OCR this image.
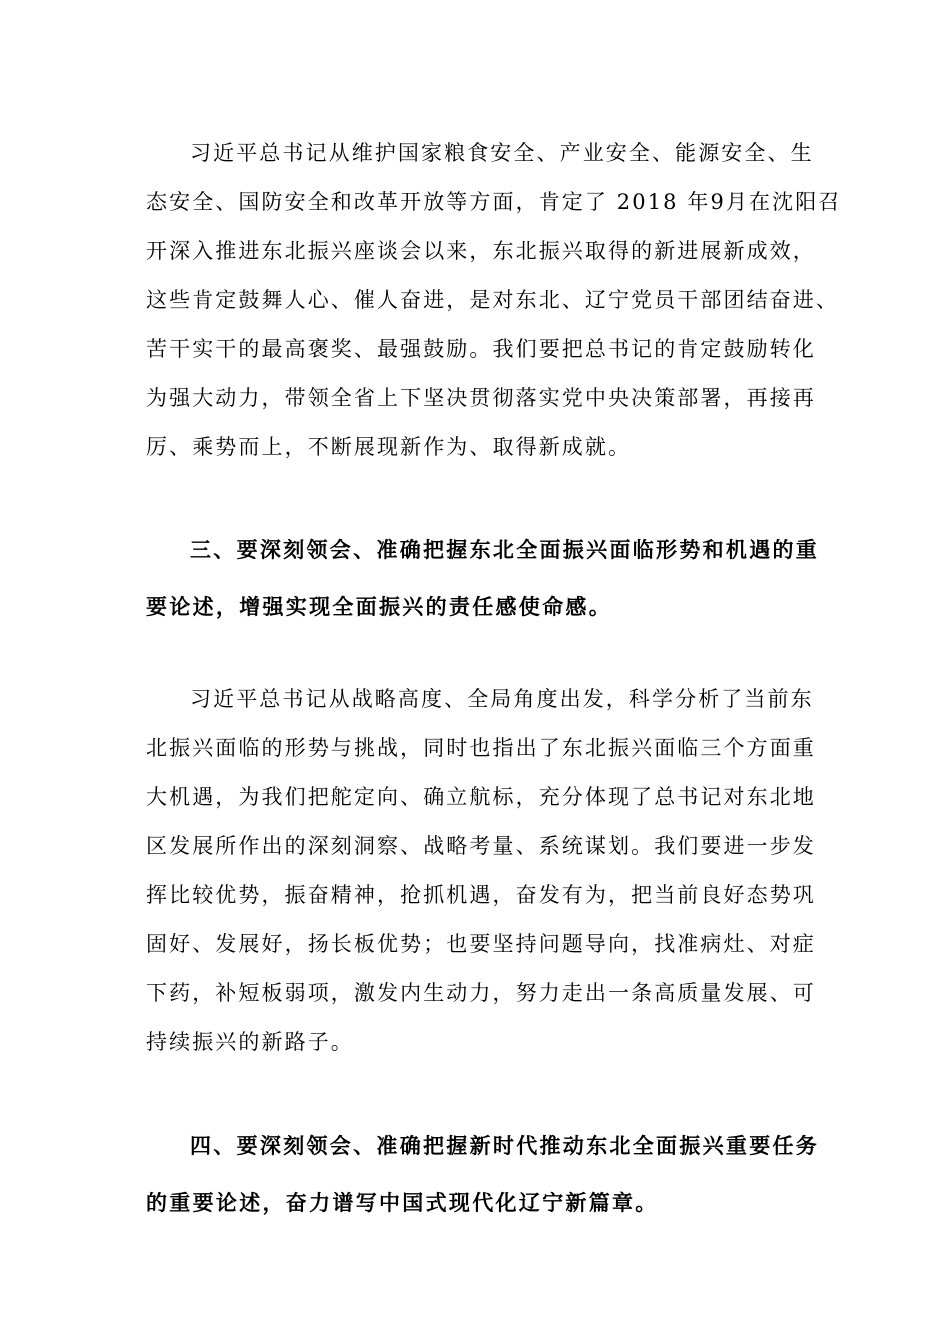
习近平总书记从维护国家粮食安全、产业安全、能源安全、生
态安全、国防安全和改革开放等方面，肯定了 2018 年9月在沈阳召
开深入推进东北振兴座谈会以来，东北振兴取得的新进展新成效，
这些肯定鼓舞人心、催人奋进，是对东北、辽宁党员干部团结奋进、
苦干实干的最高褒奖、最强鼓励。我们要把总书记的肯定鼓励转化
为强大动力，带领全省上下坚决贯彻落实党中央决策部署，再接再
厉、乘势而上，不断展现新作为、取得新成就。
三、要深刻领会、准确把握东北全面振兴面临形势和机遇的重
要论述，增强实现全面振兴的责任感使命感。
习近平总书记从战略高度、全局角度出发，科学分析了当前东
北振兴面临的形势与挑战，同时也指出了东北振兴面临三个方面重
大机遇，为我们把舵定向、确立航标，充分体现了总书记对东北地
区发展所作出的深刻洞察、战略考量、系统谋划。我们要进一步发
挥比较优势，振奋精神，抢抓机遇，奋发有为，把当前良好态势巩
固好、发展好，扬长板优势；也要坚持问题导向，找准病灶、对症
下药，补短板弱项，激发内生动力，努力走出一条高质量发展、可
持续振兴的新路子。
四、要深刻领会、准确把握新时代推动东北全面振兴重要任务
的重要论述，奋力谱写中国式现代化辽宁新篇章。
